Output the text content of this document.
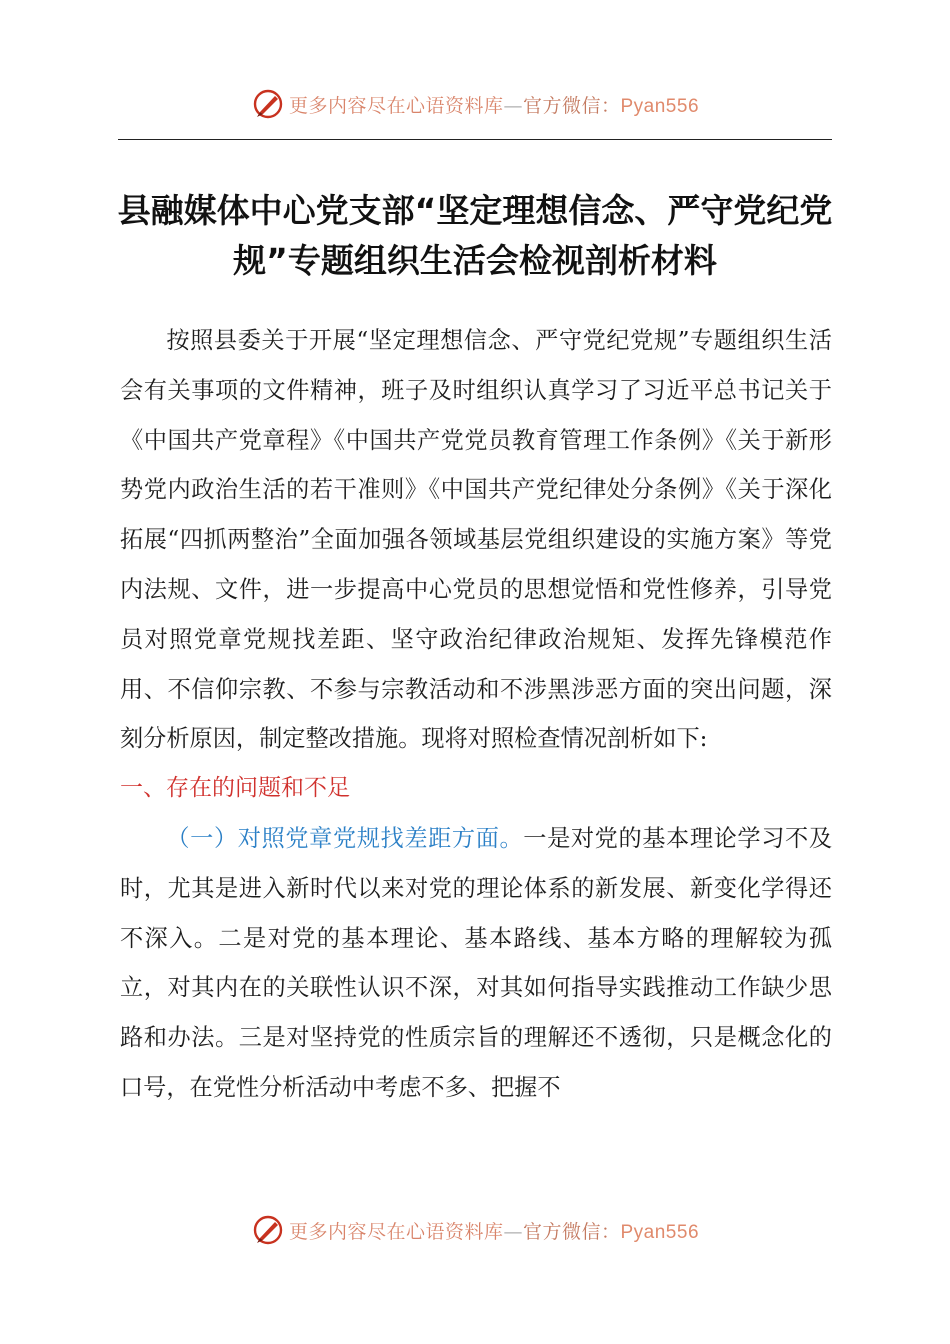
更多内容尽在心语资料库—官方微信：Pyan556
县融媒体中心党支部“坚定理想信念、严守党纪党规”专题组织生活会检视剖析材料

按照县委关于开展“坚定理想信念、严守党纪党规”专题组织生活会有关事项的文件精神，班子及时组织认真学习了习近平总书记关于《中国共产党章程》《中国共产党党员教育管理工作条例》《关于新形势党内政治生活的若干准则》《中国共产党纪律处分条例》《关于深化拓展“四抓两整治”全面加强各领域基层党组织建设的实施方案》等党内法规、文件，进一步提高中心党员的思想觉悟和党性修养，引导党员对照党章党规找差距、坚守政治纪律政治规矩、发挥先锋模范作用、不信仰宗教、不参与宗教活动和不涉黑涉恶方面的突出问题，深刻分析原因，制定整改措施。现将对照检查情况剖析如下:

一、存在的问题和不足

（一）对照党章党规找差距方面。一是对党的基本理论学习不及时，尤其是进入新时代以来对党的理论体系的新发展、新变化学得还不深入。二是对党的基本理论、基本路线、基本方略的理解较为孤立，对其内在的关联性认识不深，对其如何指导实践推动工作缺少思路和办法。三是对坚持党的性质宗旨的理解还不透彻，只是概念化的口号，在党性分析活动中考虑不多、把握不

更多内容尽在心语资料库—官方微信：Pyan556
